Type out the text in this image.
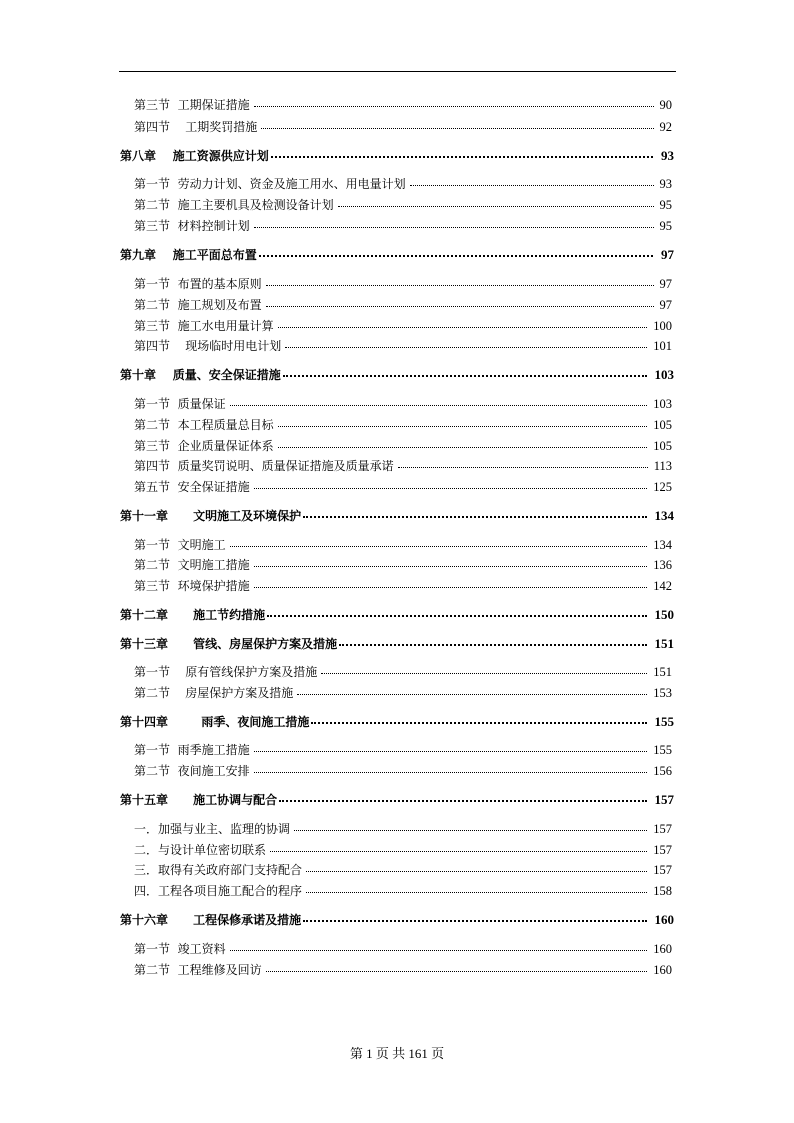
第三节  工期保证措施	90
第四节    工期奖罚措施	92
第八章    施工资源供应计划	93
第一节  劳动力计划、资金及施工用水、用电量计划	93
第二节  施工主要机具及检测设备计划	95
第三节  材料控制计划	95
第九章    施工平面总布置	97
第一节  布置的基本原则	97
第二节  施工规划及布置	97
第三节  施工水电用量计算	100
第四节    现场临时用电计划	101
第十章    质量、安全保证措施	103
第一节  质量保证	103
第二节  本工程质量总目标	105
第三节  企业质量保证体系	105
第四节  质量奖罚说明、质量保证措施及质量承诺	113
第五节  安全保证措施	125
第十一章      文明施工及环境保护	134
第一节  文明施工	134
第二节  文明施工措施	136
第三节  环境保护措施	142
第十二章      施工节约措施	150
第十三章      管线、房屋保护方案及措施	151
第一节    原有管线保护方案及措施	151
第二节    房屋保护方案及措施	153
第十四章        雨季、夜间施工措施	155
第一节  雨季施工措施	155
第二节  夜间施工安排	156
第十五章      施工协调与配合	157
一．加强与业主、监理的协调	157
二．与设计单位密切联系	157
三．取得有关政府部门支持配合	157
四．工程各项目施工配合的程序	158
第十六章      工程保修承诺及措施	160
第一节  竣工资料	160
第二节  工程维修及回访	160
第 1 页 共 161 页
